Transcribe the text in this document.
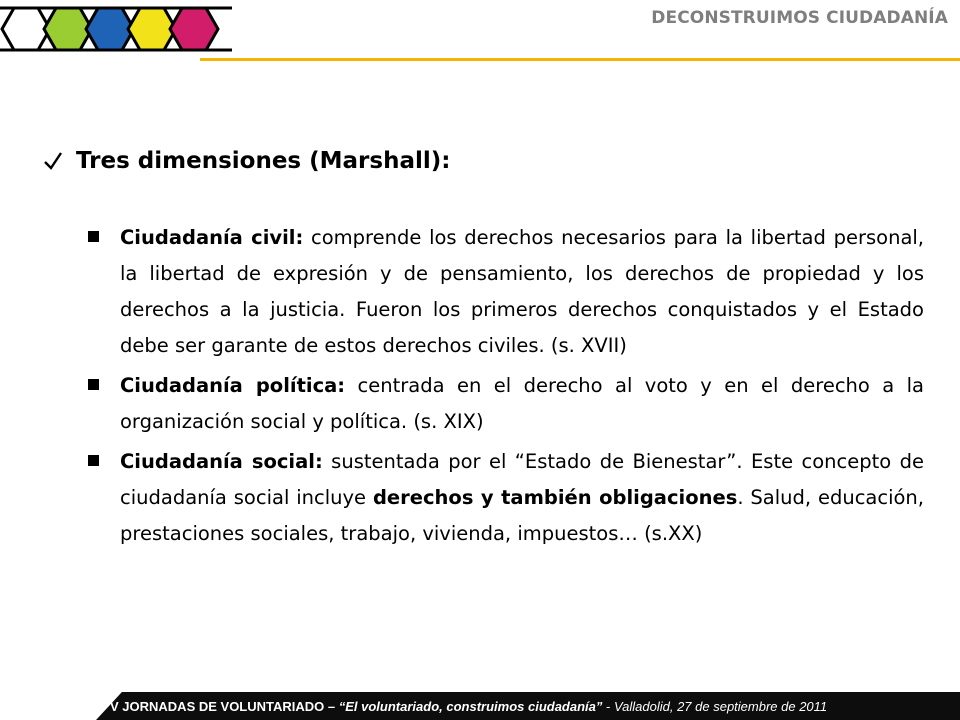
DECONSTRUIMOS CIUDADANÍA
Tres dimensiones (Marshall):
Ciudadanía civil: comprende los derechos necesarios para la libertad personal, la libertad de expresión y de pensamiento, los derechos de propiedad y los derechos a la justicia. Fueron los primeros derechos conquistados y el Estado debe ser garante de estos derechos civiles. (s. XVII)
Ciudadanía política: centrada en el derecho al voto y en el derecho a la organización social y política. (s. XIX)
Ciudadanía social: sustentada por el “Estado de Bienestar”. Este concepto de ciudadanía social incluye derechos y también obligaciones. Salud, educación, prestaciones sociales, trabajo, vivienda, impuestos… (s.XX)
V JORNADAS DE VOLUNTARIADO – “El voluntariado, construimos ciudadanía” - Valladolid, 27 de septiembre de 2011
